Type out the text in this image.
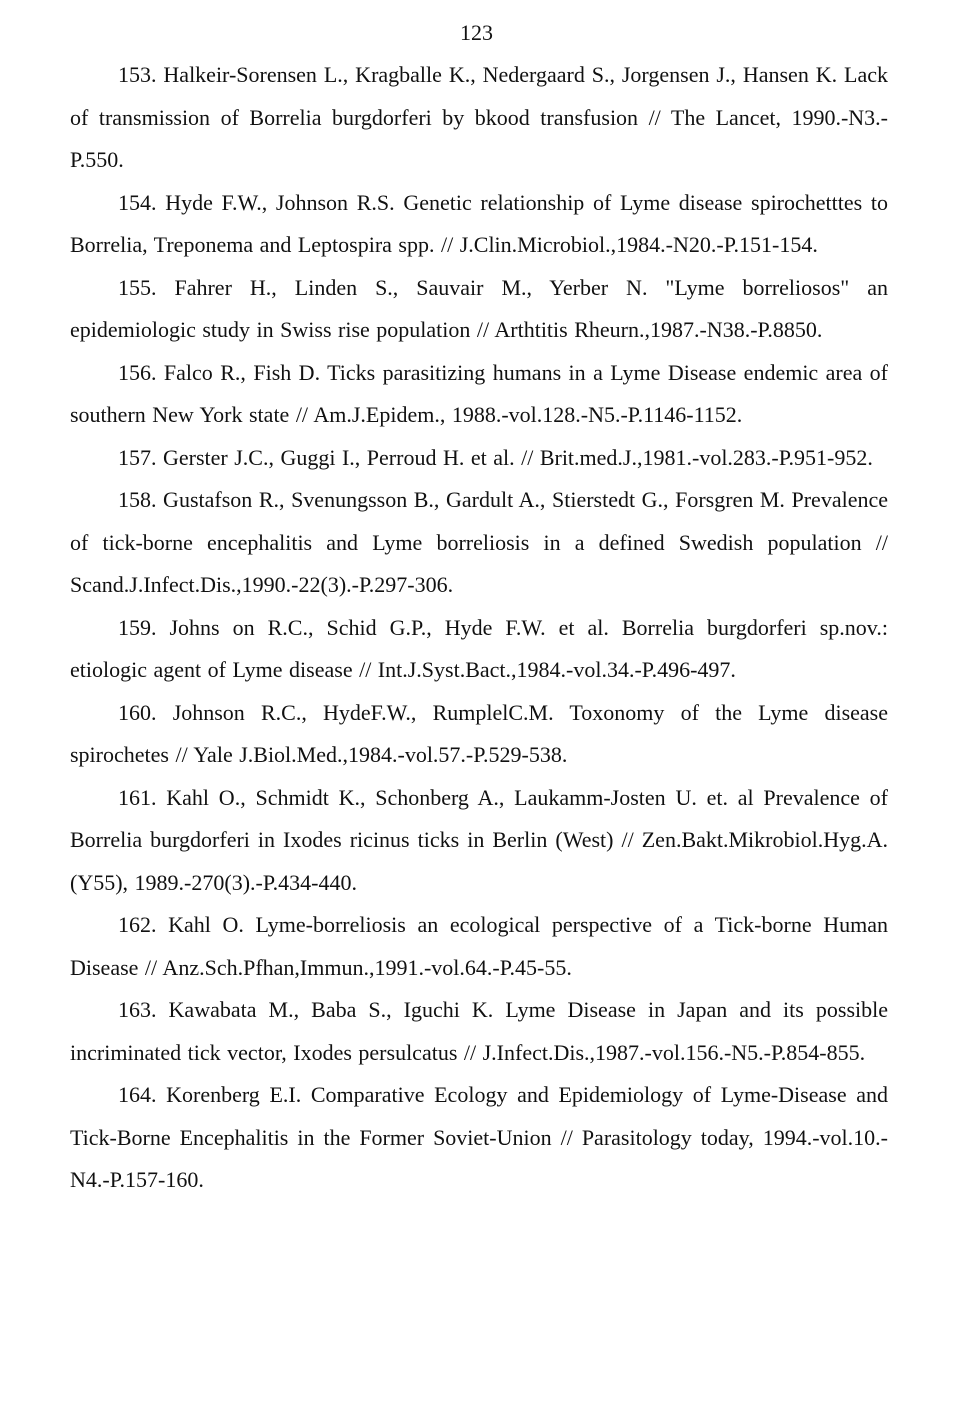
123

153. Halkeir-Sorensen L., Kragballe K., Nedergaard S., Jorgensen J., Hansen K. Lack of transmission of Borrelia burgdorferi by bkood transfusion // The Lancet, 1990.-N3.-P.550.

154. Hyde F.W., Johnson R.S. Genetic relationship of Lyme disease spirochetttes to Borrelia, Treponema and Leptospira spp. // J.Clin.Microbiol.,1984.-N20.-P.151-154.

155. Fahrer H., Linden S., Sauvair M., Yerber N. "Lyme borreliosos" an epidemiologic study in Swiss rise population // Arthtitis Rheurn.,1987.-N38.-P.8850.

156. Falco R., Fish D. Ticks parasitizing humans in a Lyme Disease endemic area of southern New York state // Am.J.Epidem., 1988.-vol.128.-N5.-P.1146-1152.

157. Gerster J.C., Guggi I., Perroud H. et al. // Brit.med.J.,1981.-vol.283.-P.951-952.

158. Gustafson R., Svenungsson B., Gardult A., Stierstedt G., Forsgren M. Prevalence of tick-borne encephalitis and Lyme borreliosis in a defined Swedish population // Scand.J.Infect.Dis.,1990.-22(3).-P.297-306.

159. Johns on R.C., Schid G.P., Hyde F.W. et al. Borrelia burgdorferi sp.nov.: etiologic agent of Lyme disease // Int.J.Syst.Bact.,1984.-vol.34.-P.496-497.

160. Johnson R.C., HydeF.W., RumplelC.M. Toxonomy of the Lyme disease spirochetes // Yale J.Biol.Med.,1984.-vol.57.-P.529-538.

161. Kahl O., Schmidt K., Schonberg A., Laukamm-Josten U. et. al Prevalence of Borrelia burgdorferi in Ixodes ricinus ticks in Berlin (West) // Zen.Bakt.Mikrobiol.Hyg.A.(Y55), 1989.-270(3).-P.434-440.

162. Kahl O. Lyme-borreliosis an ecological perspective of a Tick-borne Human Disease // Anz.Sch.Pfhan,Immun.,1991.-vol.64.-P.45-55.

163. Kawabata M., Baba S., Iguchi K. Lyme Disease in Japan and its possible incriminated tick vector, Ixodes persulcatus // J.Infect.Dis.,1987.-vol.156.-N5.-P.854-855.

164. Korenberg E.I. Comparative Ecology and Epidemiology of Lyme-Disease and Tick-Borne Encephalitis in the Former Soviet-Union // Parasitology today, 1994.-vol.10.-N4.-P.157-160.
